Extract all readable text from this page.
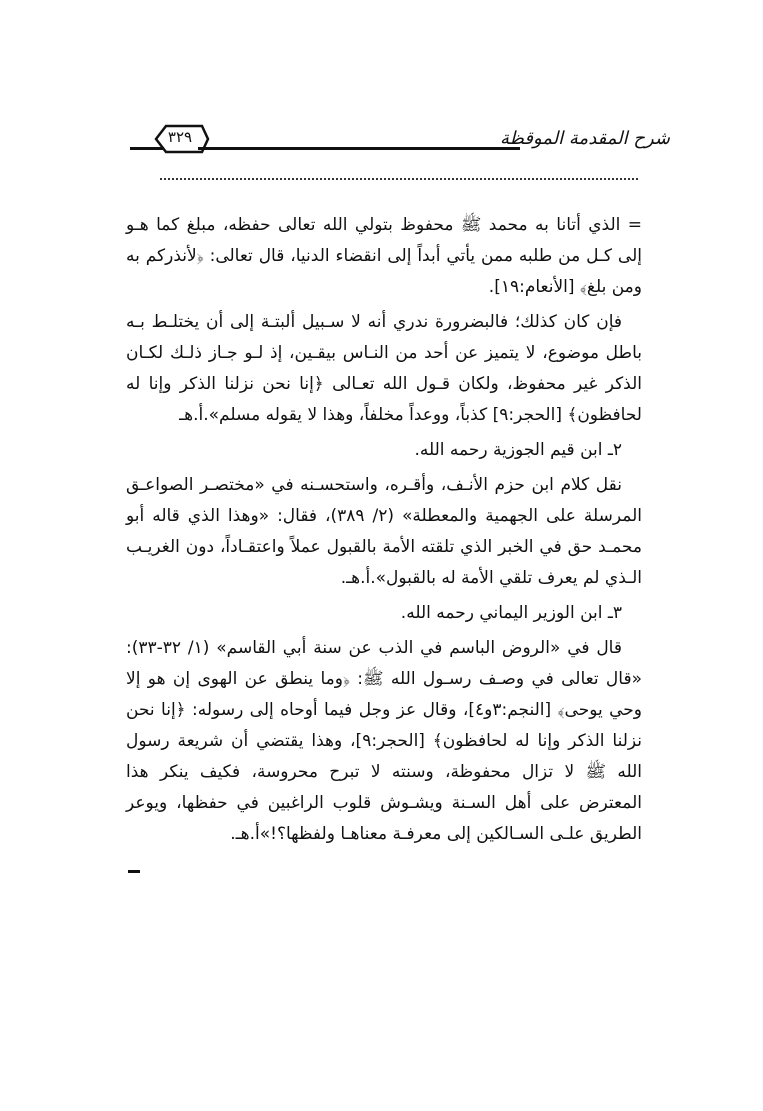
شرح المقدمة الموقظة
٣٢٩

= الذي أتانا به محمد ﷺ محفوظ بتولي الله تعالى حفظه، مبلغ كما هـو إلى كـل من طلبه ممن يأتي أبداً إلى انقضاء الدنيا، قال تعالى: ﴿لأنذركم به ومن بلغ﴾ [الأنعام:١٩].

فإن كان كذلك؛ فالبضرورة ندري أنه لا سـبيل ألبتـة إلى أن يختلـط بـه باطل موضوع، لا يتميز عن أحد من النـاس بيقـين، إذ لـو جـاز ذلـك لكـان الذكر غير محفوظ، ولكان قـول الله تعـالى ﴿إنا نحن نزلنا الذكر وإنا له لحافظون﴾ [الحجر:٩] كذباً، ووعداً مخلفاً، وهذا لا يقوله مسلم».أ.هـ

٢ـ ابن قيم الجوزية رحمه الله.

نقل كلام ابن حزم الأنـف، وأقـره، واستحسـنه في «مختصـر الصواعـق المرسلة على الجهمية والمعطلة» (٢/ ٣٨٩)، فقال: «وهذا الذي قاله أبو محمـد حق في الخبر الذي تلقته الأمة بالقبول عملاً واعتقـاداً، دون الغريـب الـذي لم يعرف تلقي الأمة له بالقبول».أ.هـ.

٣ـ ابن الوزير اليماني رحمه الله.

قال في «الروض الباسم في الذب عن سنة أبي القاسم» (١/ ٣٢-٣٣): «قال تعالى في وصـف رسـول الله ﷺ: ﴿وما ينطق عن الهوى إن هو إلا وحي يوحى﴾ [النجم:٣و٤]، وقال عز وجل فيما أوحاه إلى رسوله: ﴿إنا نحن نزلنا الذكر وإنا له لحافظون﴾ [الحجر:٩]، وهذا يقتضي أن شريعة رسول الله ﷺ لا تزال محفوظة، وسنته لا تبرح محروسة، فكيف ينكر هذا المعترض على أهل السـنة ويشـوش قلوب الراغبين في حفظها، ويوعر الطريق علـى السـالكين إلى معرفـة معناهـا ولفظها؟!»أ.هـ.
